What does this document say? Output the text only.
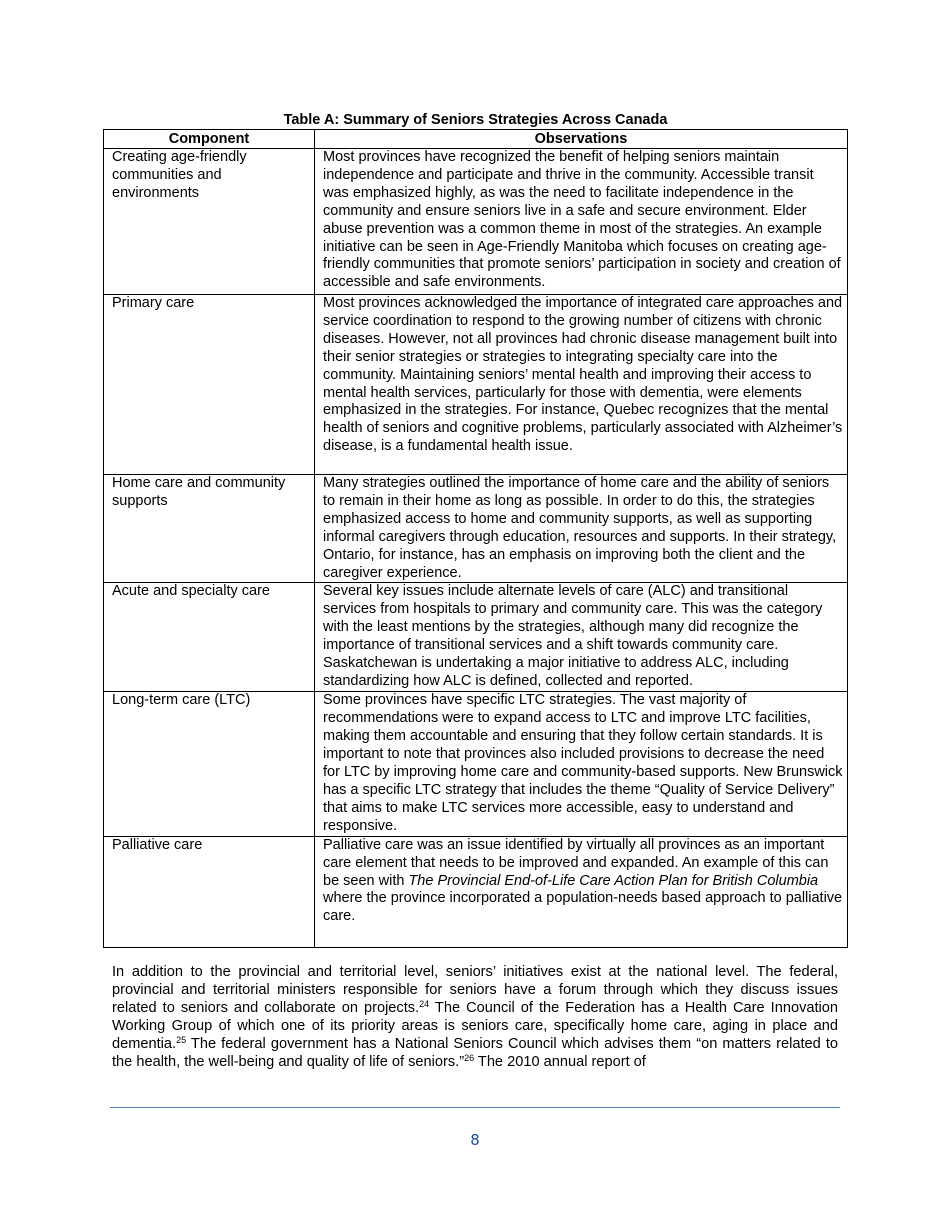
Table A: Summary of Seniors Strategies Across Canada
Component	Observations
Creating age-friendly communities and environments	Most provinces have recognized the benefit of helping seniors maintain independence and participate and thrive in the community. Accessible transit was emphasized highly, as was the need to facilitate independence in the community and ensure seniors live in a safe and secure environment. Elder abuse prevention was a common theme in most of the strategies. An example initiative can be seen in Age-Friendly Manitoba which focuses on creating age-friendly communities that promote seniors’ participation in society and creation of accessible and safe environments.
Primary care	Most provinces acknowledged the importance of integrated care approaches and service coordination to respond to the growing number of citizens with chronic diseases. However, not all provinces had chronic disease management built into their senior strategies or strategies to integrating specialty care into the community. Maintaining seniors’ mental health and improving their access to mental health services, particularly for those with dementia, were elements emphasized in the strategies. For instance, Quebec recognizes that the mental health of seniors and cognitive problems, particularly associated with Alzheimer’s disease, is a fundamental health issue.
Home care and community supports	Many strategies outlined the importance of home care and the ability of seniors to remain in their home as long as possible. In order to do this, the strategies emphasized access to home and community supports, as well as supporting informal caregivers through education, resources and supports. In their strategy, Ontario, for instance, has an emphasis on improving both the client and the caregiver experience.
Acute and specialty care	Several key issues include alternate levels of care (ALC) and transitional services from hospitals to primary and community care. This was the category with the least mentions by the strategies, although many did recognize the importance of transitional services and a shift towards community care. Saskatchewan is undertaking a major initiative to address ALC, including standardizing how ALC is defined, collected and reported.
Long-term care (LTC)	Some provinces have specific LTC strategies. The vast majority of recommendations were to expand access to LTC and improve LTC facilities, making them accountable and ensuring that they follow certain standards. It is important to note that provinces also included provisions to decrease the need for LTC by improving home care and community-based supports. New Brunswick has a specific LTC strategy that includes the theme “Quality of Service Delivery” that aims to make LTC services more accessible, easy to understand and responsive.
Palliative care	Palliative care was an issue identified by virtually all provinces as an important care element that needs to be improved and expanded. An example of this can be seen with The Provincial End-of-Life Care Action Plan for British Columbia where the province incorporated a population-needs based approach to palliative care.
In addition to the provincial and territorial level, seniors’ initiatives exist at the national level. The federal, provincial and territorial ministers responsible for seniors have a forum through which they discuss issues related to seniors and collaborate on projects.$^{24}$ The Council of the Federation has a Health Care Innovation Working Group of which one of its priority areas is seniors care, specifically home care, aging in place and dementia.$^{25}$ The federal government has a National Seniors Council which advises them “on matters related to the health, the well-being and quality of life of seniors.”$^{26}$ The 2010 annual report of
8
